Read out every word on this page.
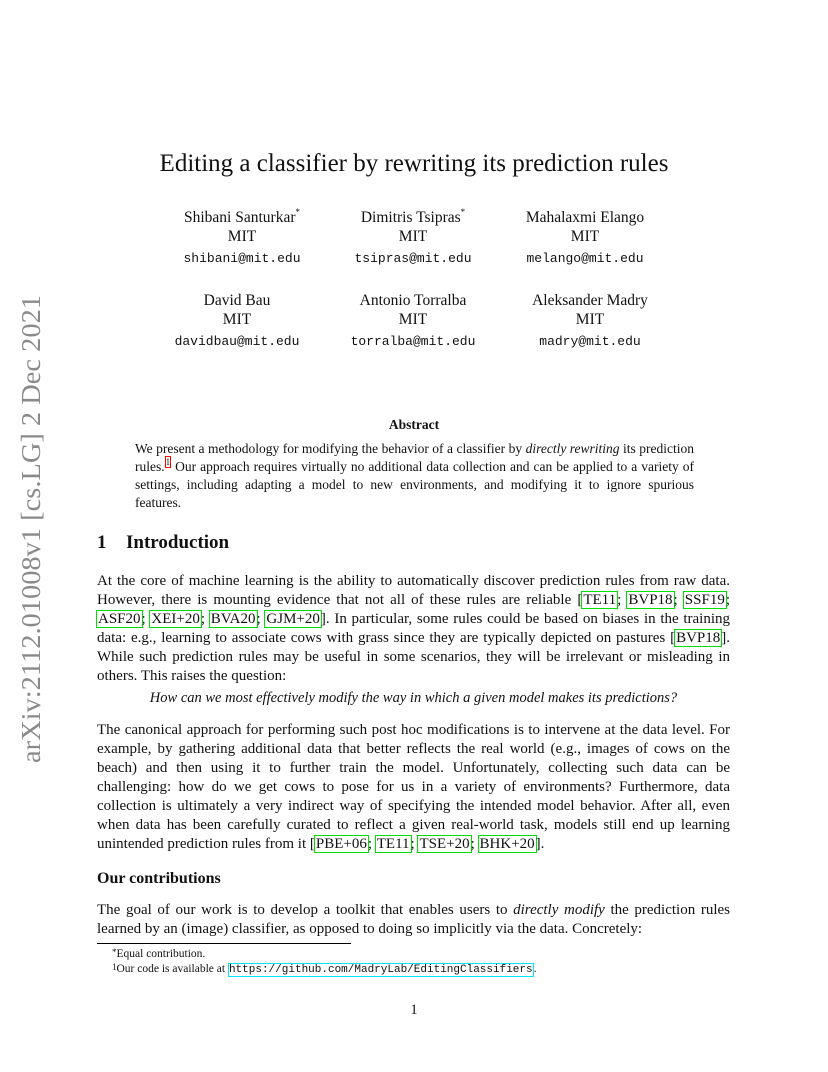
arXiv:2112.01008v1 [cs.LG] 2 Dec 2021
Editing a classifier by rewriting its prediction rules
Shibani Santurkar*
MIT
shibani@mit.edu
Dimitris Tsipras*
MIT
tsipras@mit.edu
Mahalaxmi Elango
MIT
melango@mit.edu
David Bau
MIT
davidbau@mit.edu
Antonio Torralba
MIT
torralba@mit.edu
Aleksander Madry
MIT
madry@mit.edu
Abstract
We present a methodology for modifying the behavior of a classifier by directly rewriting its prediction rules.$^1$ Our approach requires virtually no additional data collection and can be applied to a variety of settings, including adapting a model to new environments, and modifying it to ignore spurious features.
1 Introduction
At the core of machine learning is the ability to automatically discover prediction rules from raw data. However, there is mounting evidence that not all of these rules are reliable [TE11; BVP18; SSF19; ASF20; XEI+20; BVA20; GJM+20]. In particular, some rules could be based on biases in the training data: e.g., learning to associate cows with grass since they are typically depicted on pastures [BVP18]. While such prediction rules may be useful in some scenarios, they will be irrelevant or misleading in others. This raises the question:
How can we most effectively modify the way in which a given model makes its predictions?
The canonical approach for performing such post hoc modifications is to intervene at the data level. For example, by gathering additional data that better reflects the real world (e.g., images of cows on the beach) and then using it to further train the model. Unfortunately, collecting such data can be challenging: how do we get cows to pose for us in a variety of environments? Furthermore, data collection is ultimately a very indirect way of specifying the intended model behavior. After all, even when data has been carefully curated to reflect a given real-world task, models still end up learning unintended prediction rules from it [PBE+06; TE11; TSE+20; BHK+20].
Our contributions
The goal of our work is to develop a toolkit that enables users to directly modify the prediction rules learned by an (image) classifier, as opposed to doing so implicitly via the data. Concretely:
*Equal contribution.
$^1$Our code is available at https://github.com/MadryLab/EditingClassifiers.
1
